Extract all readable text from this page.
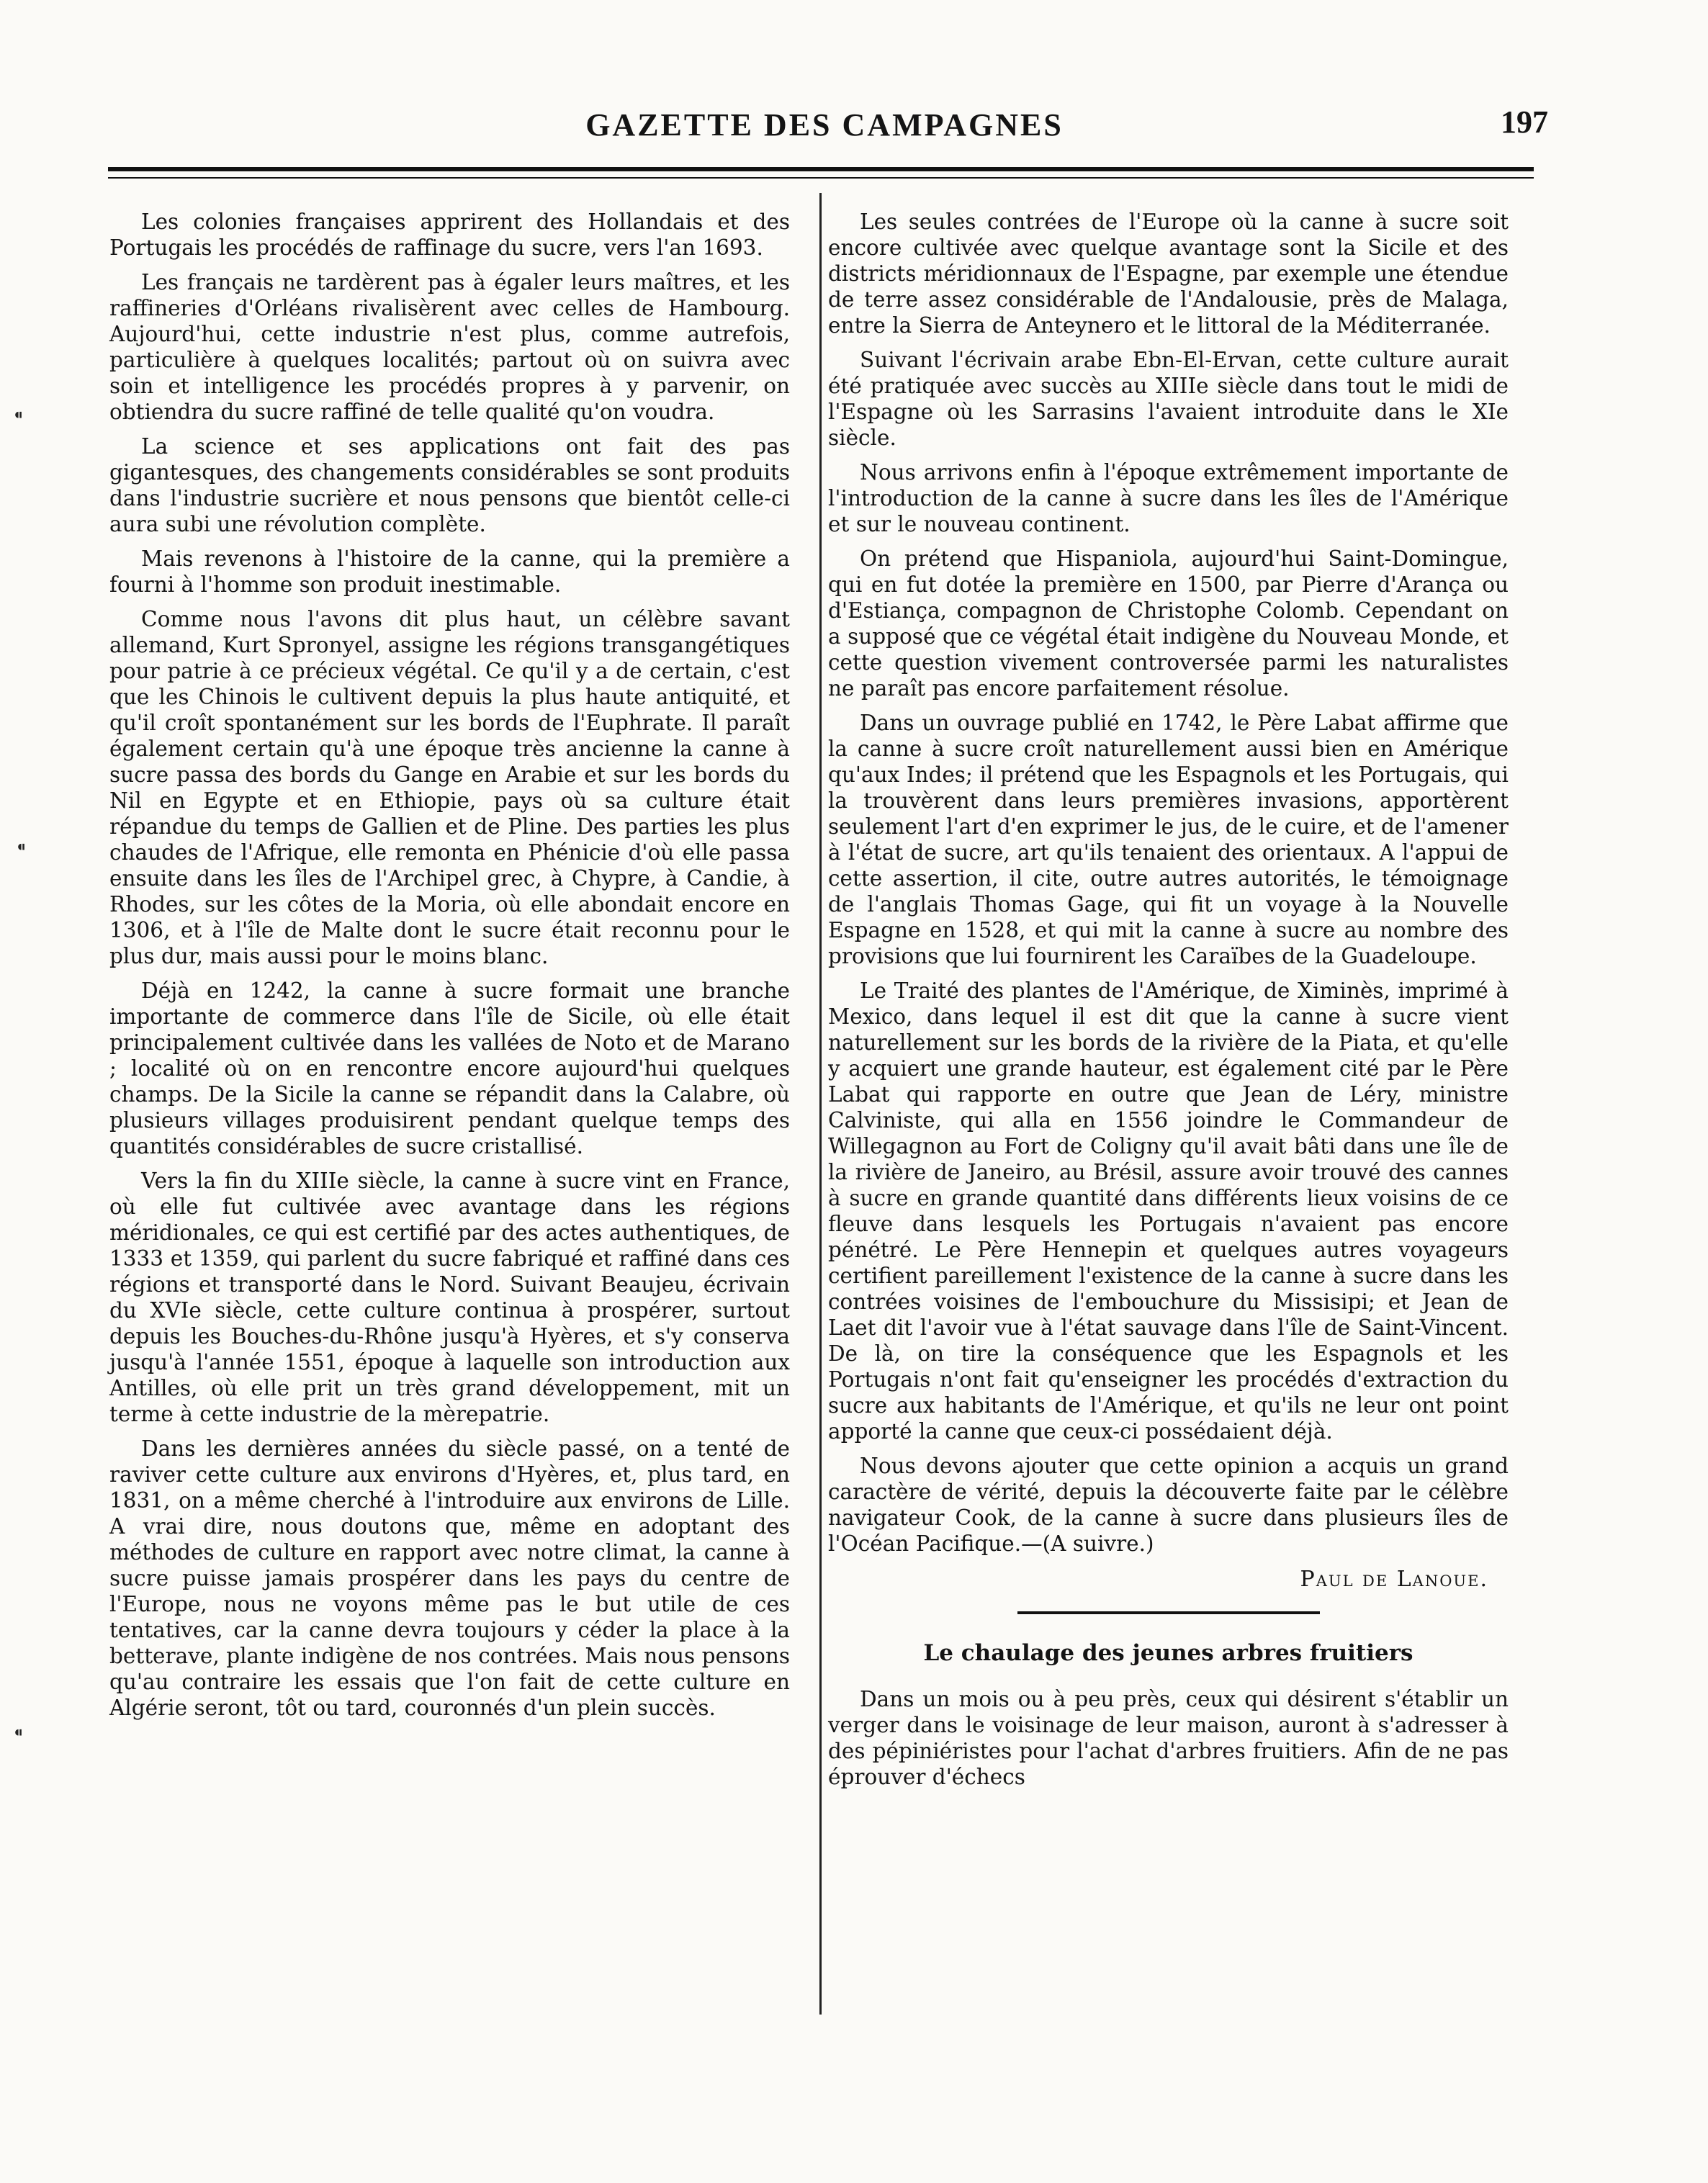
GAZETTE DES CAMPAGNES	197

Les colonies françaises apprirent des Hollandais et des Portugais les procédés de raffinage du sucre, vers l'an 1693.

Les français ne tardèrent pas à égaler leurs maîtres, et les raffineries d'Orléans rivalisèrent avec celles de Hambourg. Aujourd'hui, cette industrie n'est plus, comme autrefois, particulière à quelques localités; partout où on suivra avec soin et intelligence les procédés propres à y parvenir, on obtiendra du sucre raffiné de telle qualité qu'on voudra.

La science et ses applications ont fait des pas gigantesques, des changements considérables se sont produits dans l'industrie sucrière et nous pensons que bientôt celle-ci aura subi une révolution complète.

Mais revenons à l'histoire de la canne, qui la première a fourni à l'homme son produit inestimable.

Comme nous l'avons dit plus haut, un célèbre savant allemand, Kurt Spronyel, assigne les régions transgangétiques pour patrie à ce précieux végétal. Ce qu'il y a de certain, c'est que les Chinois le cultivent depuis la plus haute antiquité, et qu'il croît spontanément sur les bords de l'Euphrate. Il paraît également certain qu'à une époque très ancienne la canne à sucre passa des bords du Gange en Arabie et sur les bords du Nil en Egypte et en Ethiopie, pays où sa culture était répandue du temps de Gallien et de Pline. Des parties les plus chaudes de l'Afrique, elle remonta en Phénicie d'où elle passa ensuite dans les îles de l'Archipel grec, à Chypre, à Candie, à Rhodes, sur les côtes de la Moria, où elle abondait encore en 1306, et à l'île de Malte dont le sucre était reconnu pour le plus dur, mais aussi pour le moins blanc.

Déjà en 1242, la canne à sucre formait une branche importante de commerce dans l'île de Sicile, où elle était principalement cultivée dans les vallées de Noto et de Marano ; localité où on en rencontre encore aujourd'hui quelques champs. De la Sicile la canne se répandit dans la Calabre, où plusieurs villages produisirent pendant quelque temps des quantités considérables de sucre cristallisé.

Vers la fin du XIIIe siècle, la canne à sucre vint en France, où elle fut cultivée avec avantage dans les régions méridionales, ce qui est certifié par des actes authentiques, de 1333 et 1359, qui parlent du sucre fabriqué et raffiné dans ces régions et transporté dans le Nord. Suivant Beaujeu, écrivain du XVIe siècle, cette culture continua à prospérer, surtout depuis les Bouches-du-Rhône jusqu'à Hyères, et s'y conserva jusqu'à l'année 1551, époque à laquelle son introduction aux Antilles, où elle prit un très grand développement, mit un terme à cette industrie de la mèrepatrie.

Dans les dernières années du siècle passé, on a tenté de raviver cette culture aux environs d'Hyères, et, plus tard, en 1831, on a même cherché à l'introduire aux environs de Lille. A vrai dire, nous doutons que, même en adoptant des méthodes de culture en rapport avec notre climat, la canne à sucre puisse jamais prospérer dans les pays du centre de l'Europe, nous ne voyons même pas le but utile de ces tentatives, car la canne devra toujours y céder la place à la betterave, plante indigène de nos contrées. Mais nous pensons qu'au contraire les essais que l'on fait de cette culture en Algérie seront, tôt ou tard, couronnés d'un plein succès.

Les seules contrées de l'Europe où la canne à sucre soit encore cultivée avec quelque avantage sont la Sicile et des districts méridionnaux de l'Espagne, par exemple une étendue de terre assez considérable de l'Andalousie, près de Malaga, entre la Sierra de Anteynero et le littoral de la Méditerranée.

Suivant l'écrivain arabe Ebn-El-Ervan, cette culture aurait été pratiquée avec succès au XIIIe siècle dans tout le midi de l'Espagne où les Sarrasins l'avaient introduite dans le XIe siècle.

Nous arrivons enfin à l'époque extrêmement importante de l'introduction de la canne à sucre dans les îles de l'Amérique et sur le nouveau continent.

On prétend que Hispaniola, aujourd'hui Saint-Domingue, qui en fut dotée la première en 1500, par Pierre d'Arança ou d'Estiança, compagnon de Christophe Colomb. Cependant on a supposé que ce végétal était indigène du Nouveau Monde, et cette question vivement controversée parmi les naturalistes ne paraît pas encore parfaitement résolue.

Dans un ouvrage publié en 1742, le Père Labat affirme que la canne à sucre croît naturellement aussi bien en Amérique qu'aux Indes; il prétend que les Espagnols et les Portugais, qui la trouvèrent dans leurs premières invasions, apportèrent seulement l'art d'en exprimer le jus, de le cuire, et de l'amener à l'état de sucre, art qu'ils tenaient des orientaux. A l'appui de cette assertion, il cite, outre autres autorités, le témoignage de l'anglais Thomas Gage, qui fit un voyage à la Nouvelle Espagne en 1528, et qui mit la canne à sucre au nombre des provisions que lui fournirent les Caraïbes de la Guadeloupe.

Le Traité des plantes de l'Amérique, de Ximinès, imprimé à Mexico, dans lequel il est dit que la canne à sucre vient naturellement sur les bords de la rivière de la Piata, et qu'elle y acquiert une grande hauteur, est également cité par le Père Labat qui rapporte en outre que Jean de Léry, ministre Calviniste, qui alla en 1556 joindre le Commandeur de Willegagnon au Fort de Coligny qu'il avait bâti dans une île de la rivière de Janeiro, au Brésil, assure avoir trouvé des cannes à sucre en grande quantité dans différents lieux voisins de ce fleuve dans lesquels les Portugais n'avaient pas encore pénétré. Le Père Hennepin et quelques autres voyageurs certifient pareillement l'existence de la canne à sucre dans les contrées voisines de l'embouchure du Missisipi; et Jean de Laet dit l'avoir vue à l'état sauvage dans l'île de Saint-Vincent. De là, on tire la conséquence que les Espagnols et les Portugais n'ont fait qu'enseigner les procédés d'extraction du sucre aux habitants de l'Amérique, et qu'ils ne leur ont point apporté la canne que ceux-ci possédaient déjà.

Nous devons ajouter que cette opinion a acquis un grand caractère de vérité, depuis la découverte faite par le célèbre navigateur Cook, de la canne à sucre dans plusieurs îles de l'Océan Pacifique.—(A suivre.)

Paul de Lanoue.
Le chaulage des jeunes arbres fruitiers

Dans un mois ou à peu près, ceux qui désirent s'établir un verger dans le voisinage de leur maison, auront à s'adresser à des pépiniéristes pour l'achat d'arbres fruitiers. Afin de ne pas éprouver d'échecs

⁌
⁌
⁌
